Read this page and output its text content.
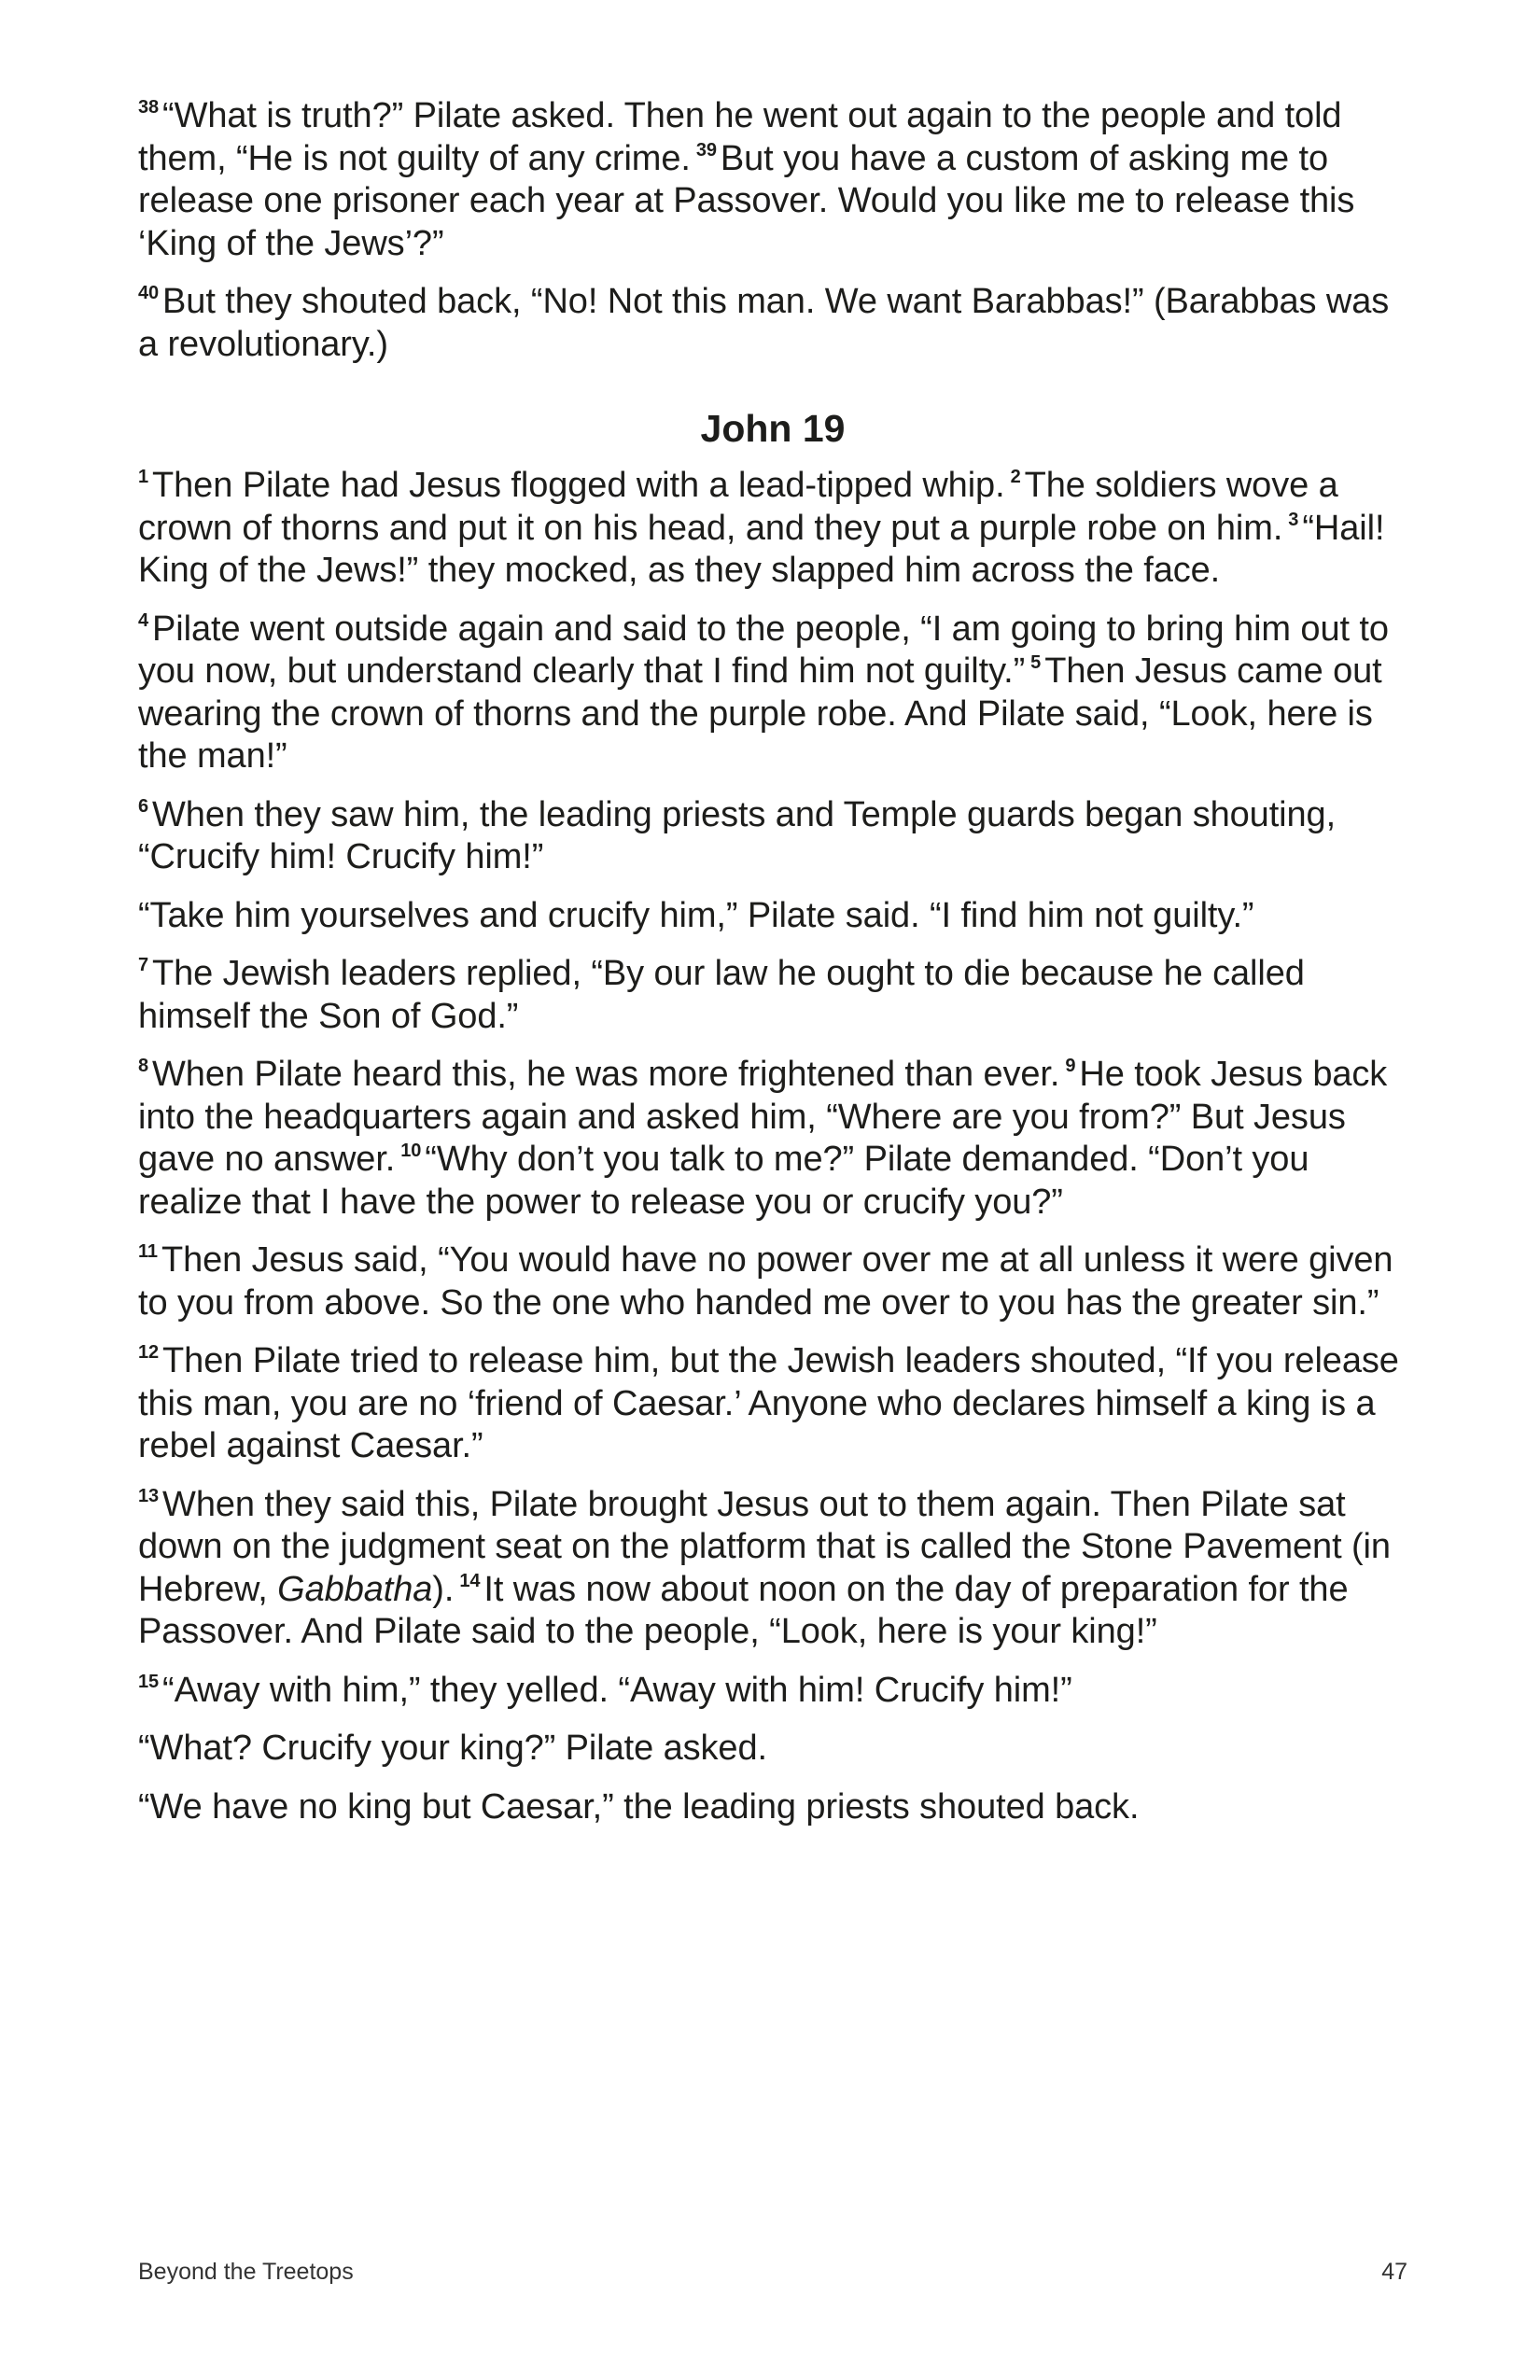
$^{38}$ “What is truth?” Pilate asked. Then he went out again to the people and told them, “He is not guilty of any crime. $^{39}$ But you have a custom of asking me to release one prisoner each year at Passover. Would you like me to release this ‘King of the Jews’?”

$^{40}$ But they shouted back, “No! Not this man. We want Barabbas!” (Barabbas was a revolutionary.)

John 19

$^1$ Then Pilate had Jesus flogged with a lead-tipped whip. $^2$ The soldiers wove a crown of thorns and put it on his head, and they put a purple robe on him. $^3$ “Hail! King of the Jews!” they mocked, as they slapped him across the face.

$^4$ Pilate went outside again and said to the people, “I am going to bring him out to you now, but understand clearly that I find him not guilty.” $^5$ Then Jesus came out wearing the crown of thorns and the purple robe. And Pilate said, “Look, here is the man!”

$^6$ When they saw him, the leading priests and Temple guards began shouting, “Crucify him! Crucify him!”

“Take him yourselves and crucify him,” Pilate said. “I find him not guilty.”

$^7$ The Jewish leaders replied, “By our law he ought to die because he called himself the Son of God.”

$^8$ When Pilate heard this, he was more frightened than ever. $^9$ He took Jesus back into the headquarters again and asked him, “Where are you from?” But Jesus gave no answer. $^{10}$ “Why don’t you talk to me?” Pilate demanded. “Don’t you realize that I have the power to release you or crucify you?”

$^{11}$ Then Jesus said, “You would have no power over me at all unless it were given to you from above. So the one who handed me over to you has the greater sin.”

$^{12}$ Then Pilate tried to release him, but the Jewish leaders shouted, “If you release this man, you are no ‘friend of Caesar.’ Anyone who declares himself a king is a rebel against Caesar.”

$^{13}$ When they said this, Pilate brought Jesus out to them again. Then Pilate sat down on the judgment seat on the platform that is called the Stone Pavement (in Hebrew, Gabbatha). $^{14}$ It was now about noon on the day of preparation for the Passover. And Pilate said to the people, “Look, here is your king!”

$^{15}$ “Away with him,” they yelled. “Away with him! Crucify him!”

“What? Crucify your king?” Pilate asked.

“We have no king but Caesar,” the leading priests shouted back.

Beyond the Treetops	47
